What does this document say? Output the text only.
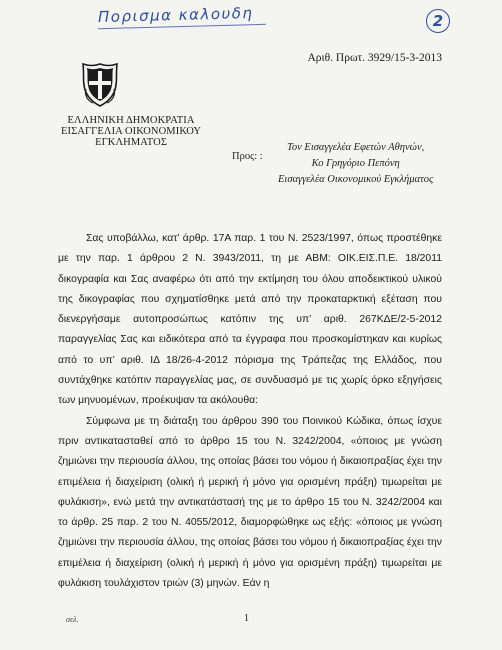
Πορισμα καλουδη	2
Αριθ. Πρωτ. 3929/15-3-2013
ΕΛΛΗΝΙΚΗ ΔΗΜΟΚΡΑΤΙΑ
ΕΙΣΑΓΓΕΛΙΑ ΟΙΚΟΝΟΜΙΚΟΥ
ΕΓΚΛΗΜΑΤΟΣ
Προς: :
Τον Εισαγγελέα Εφετών Αθηνών,
Κο Γρηγόριο Πεπόνη
Εισαγγελέα Οικονομικού Εγκλήματος

Σας υποβάλλω, κατ’ άρθρ. 17Α παρ. 1 του Ν. 2523/1997, όπως προστέθηκε με την παρ. 1 άρθρου 2 Ν. 3943/2011, τη με ΑΒΜ: ΟΙΚ.ΕΙΣ.Π.Ε. 18/2011 δικογραφία και Σας αναφέρω ότι από την εκτίμηση του όλου αποδεικτικού υλικού της δικογραφίας που σχηματίσθηκε μετά από την προκαταρκτική εξέταση που διενεργήσαμε αυτοπροσώπως κατόπιν της υπ’ αριθ. 267ΚΔΕ/2-5-2012 παραγγελίας Σας και ειδικότερα από τα έγγραφα που προσκομίστηκαν και κυρίως από το υπ’ αριθ. ΙΔ 18/26-4-2012 πόρισμα της Τράπεζας της Ελλάδος, που συντάχθηκε κατόπιν παραγγελίας μας, σε συνδυασμό με τις χωρίς όρκο εξηγήσεις των μηνυομένων, προέκυψαν τα ακόλουθα:

Σύμφωνα με τη διάταξη του άρθρου 390 του Ποινικού Κώδικα, όπως ίσχυε πριν αντικατασταθεί από το άρθρο 15 του Ν. 3242/2004, «όποιος με γνώση ζημιώνει την περιουσία άλλου, της οποίας βάσει του νόμου ή δικαιοπραξίας έχει την επιμέλεια ή διαχείριση (ολική ή μερική ή μόνο για ορισμένη πράξη) τιμωρείται με φυλάκιση», ενώ μετά την αντικατάστασή της με το άρθρο 15 του Ν. 3242/2004 και το άρθρ. 25 παρ. 2 του Ν. 4055/2012, διαμορφώθηκε ως εξής: «όποιος με γνώση ζημιώνει την περιουσία άλλου, της οποίας βάσει του νόμου ή δικαιοπραξίας έχει την επιμέλεια ή διαχείριση (ολική ή μερική ή μόνο για ορισμένη πράξη) τιμωρείται με φυλάκιση τουλάχιστον τριών (3) μηνών. Εάν η

σελ.	1
